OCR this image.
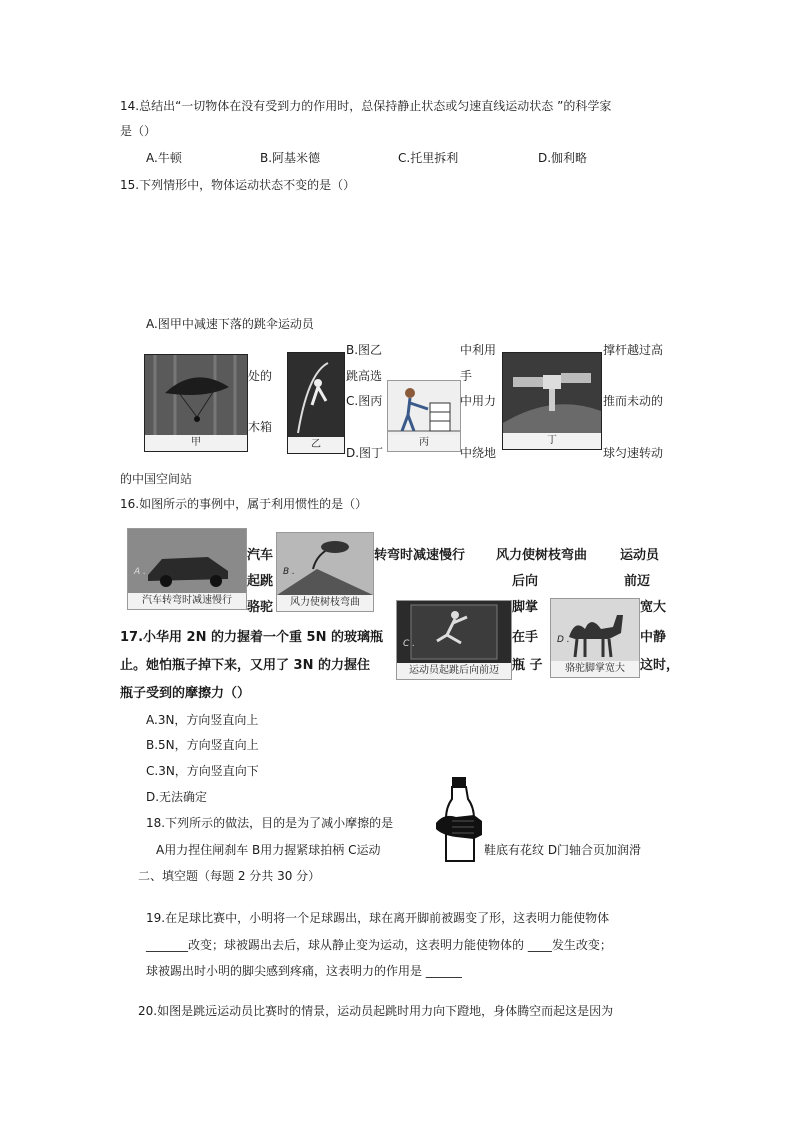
14.总结出“一切物体在没有受到力的作用时，总保持静止状态或匀速直线运动状态 ”的科学家
是（）
A.牛顿	B.阿基米德	C.托里拆利	D.伽利略
15.下列情形中，物体运动状态不变的是（）
A.图甲中减速下落的跳伞运动员
甲
处的
木箱
乙
B.图乙
跳高选
C.图丙
D.图丁
丙
中利用
手
中用力
中绕地
丁
撑杆越过高
推而未动的
球匀速转动
的中国空间站
16.如图所示的事例中，属于利用惯性的是（）
A .
汽车转弯时减速慢行
汽车
起跳
骆驼
B .
风力使树枝弯曲
转弯时减速慢行 风力使树枝弯曲
后向
脚掌
在手
瓶 子
运动员
前迈
宽大
中静
这时，
C .
运动员起跳后向前迈
D .
骆驼脚掌宽大
17.小华用 2N 的力握着一个重 5N 的玻璃瓶
止。她怕瓶子掉下来，又用了 3N 的力握住
瓶子受到的摩擦力（）
A.3N，方向竖直向上
B.5N，方向竖直向上
C.3N，方向竖直向下
D.无法确定
18.下列所示的做法，目的是为了减小摩擦的是
A用力捏住闸刹车 B用力握紧球拍柄 C运动	鞋底有花纹 D门轴合页加润滑
二、填空题（每题 2 分共 30 分）
19.在足球比赛中，小明将一个足球踢出，球在离开脚前被踢变了形，这表明力能使物体
_______改变；球被踢出去后，球从静止变为运动，这表明力能使物体的 ____发生改变；
球被踢出时小明的脚尖感到疼痛，这表明力的作用是 ______
20.如图是跳远运动员比赛时的情景，运动员起跳时用力向下蹬地，身体腾空而起这是因为
